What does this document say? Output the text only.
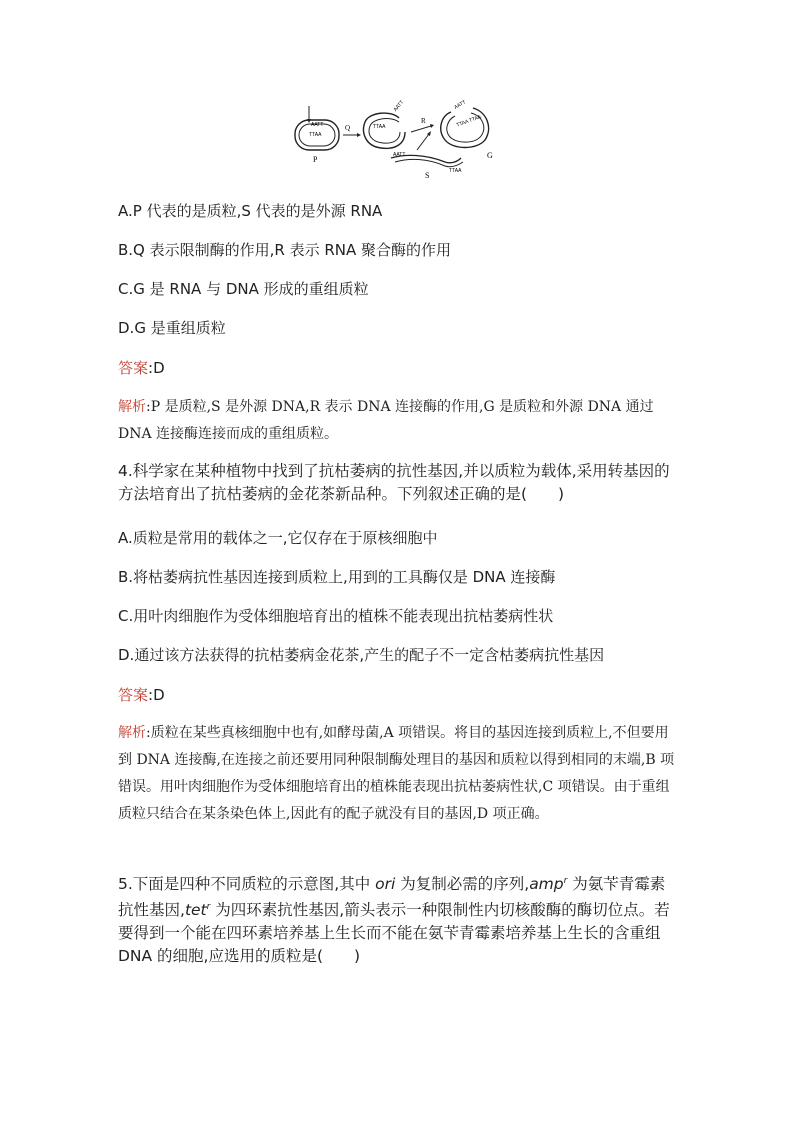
AATT
TTAA
P
Q	TTAA
AATT
R
AATT
TTAA
S
AATT
TTAA TTAA
G
A.P 代表的是质粒,S 代表的是外源 RNA
B.Q 表示限制酶的作用,R 表示 RNA 聚合酶的作用
C.G 是 RNA 与 DNA 形成的重组质粒
D.G 是重组质粒
答案:D
解析:P 是质粒,S 是外源 DNA,R 表示 DNA 连接酶的作用,G 是质粒和外源 DNA 通过 DNA 连接酶连接而成的重组质粒。
4.科学家在某种植物中找到了抗枯萎病的抗性基因,并以质粒为载体,采用转基因的方法培育出了抗枯萎病的金花茶新品种。下列叙述正确的是(　　)
A.质粒是常用的载体之一,它仅存在于原核细胞中
B.将枯萎病抗性基因连接到质粒上,用到的工具酶仅是 DNA 连接酶
C.用叶肉细胞作为受体细胞培育出的植株不能表现出抗枯萎病性状
D.通过该方法获得的抗枯萎病金花茶,产生的配子不一定含枯萎病抗性基因
答案:D
解析:质粒在某些真核细胞中也有,如酵母菌,A 项错误。将目的基因连接到质粒上,不但要用到 DNA 连接酶,在连接之前还要用同种限制酶处理目的基因和质粒以得到相同的末端,B 项错误。用叶肉细胞作为受体细胞培育出的植株能表现出抗枯萎病性状,C 项错误。由于重组质粒只结合在某条染色体上,因此有的配子就没有目的基因,D 项正确。
5.下面是四种不同质粒的示意图,其中 ori 为复制必需的序列,amp$^r$ 为氨苄青霉素抗性基因,tet$^r$ 为四环素抗性基因,箭头表示一种限制性内切核酸酶的酶切位点。若要得到一个能在四环素培养基上生长而不能在氨苄青霉素培养基上生长的含重组 DNA 的细胞,应选用的质粒是(　　)
